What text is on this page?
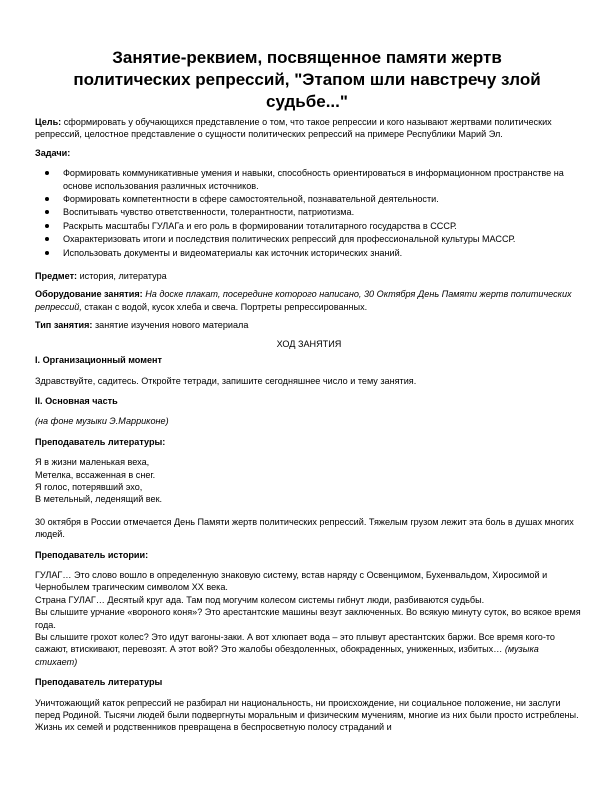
Занятие-реквием, посвященное памяти жертв политических репрессий, "Этапом шли навстречу злой судьбе..."

Цель: сформировать у обучающихся представление о том, что такое репрессии и кого называют жертвами политических репрессий, целостное представление о сущности политических репрессий на примере Республики Марий Эл.

Задачи:

Формировать коммуникативные умения и навыки, способность ориентироваться в информационном пространстве на основе использования различных источников.
Формировать компетентности в сфере самостоятельной, познавательной деятельности.
Воспитывать чувство ответственности, толерантности, патриотизма.
Раскрыть масштабы ГУЛАГа и его роль в формировании тоталитарного государства в СССР.
Охарактеризовать итоги и последствия политических репрессий для профессиональной культуры МАССР.
Использовать документы и видеоматериалы как источник исторических знаний.

Предмет: история, литература

Оборудование занятия: На доске плакат, посередине которого написано, 30 Октября День Памяти жертв политических репрессий, стакан с водой, кусок хлеба и свеча. Портреты репрессированных.

Тип занятия: занятие изучения нового материала

ХОД ЗАНЯТИЯ

I. Организационный момент

Здравствуйте, садитесь. Откройте тетради, запишите сегодняшнее число и тему занятия.

II. Основная часть

(на фоне музыки Э.Марриконе)

Преподаватель литературы:

Я в жизни маленькая веха,

Метелка, вссаженная в снег.

Я голос, потерявший эхо,

В метельный, леденящий век.

30 октября в России отмечается День Памяти жертв политических репрессий. Тяжелым грузом лежит эта боль в душах многих людей.

Преподаватель истории:

ГУЛАГ… Это слово вошло в определенную знаковую систему, встав наряду с Освенцимом, Бухенвальдом, Хиросимой и Чернобылем трагическим символом XX века.

Страна ГУЛАГ… Десятый круг ада. Там под могучим колесом системы гибнут люди, разбиваются судьбы.

Вы слышите урчание «вороного коня»? Это арестантские машины везут заключенных. Во всякую минуту суток, во всякое время года.

Вы слышите грохот колес? Это идут вагоны-заки. А вот хлюпает вода – это плывут арестантских баржи. Все время кого-то сажают, втискивают, перевозят. А этот вой? Это жалобы обездоленных, обокраденных, униженных, избитых… (музыка стихает)

Преподаватель литературы

Уничтожающий каток репрессий не разбирал ни национальность, ни происхождение, ни социальное положение, ни заслуги перед Родиной. Тысячи людей были подвергнуты моральным и физическим мучениям, многие из них были просто истреблены. Жизнь их семей и родственников превращена в беспросветную полосу страданий и
